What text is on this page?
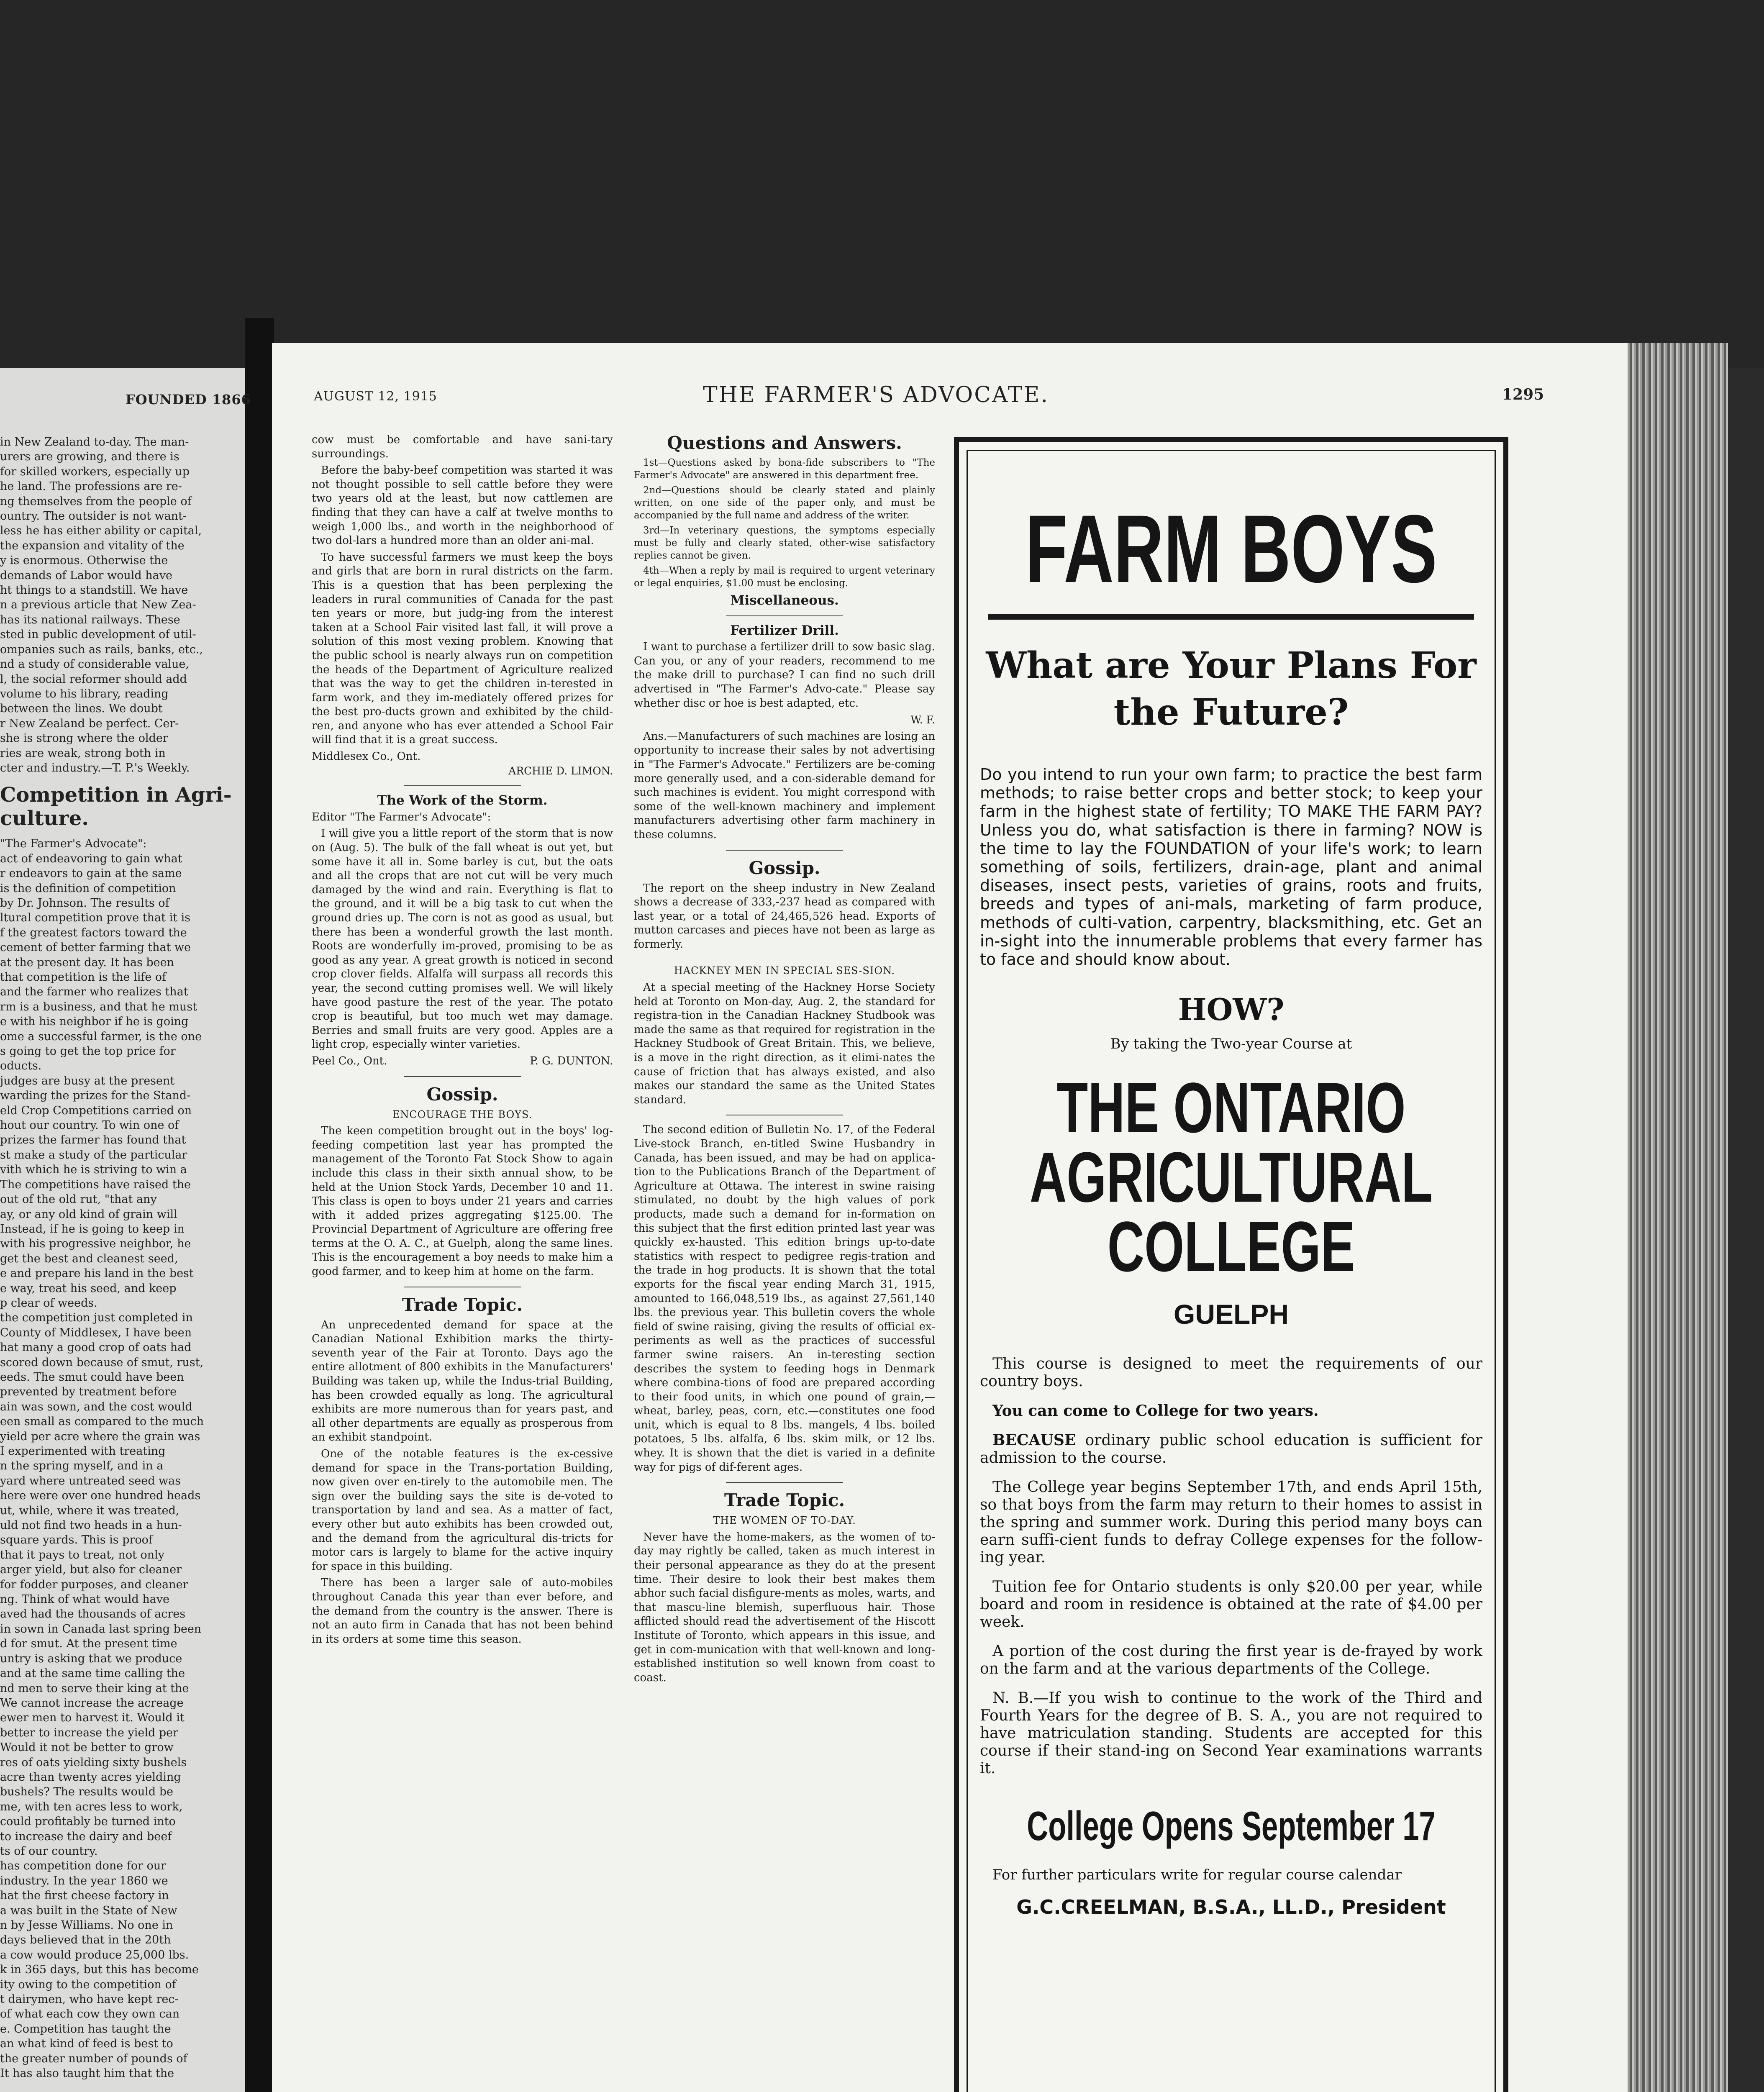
FOUNDED 1866

in New Zealand to-day. The man-

urers are growing, and there is

for skilled workers, especially up

he land. The professions are re-

ng themselves from the people of

ountry. The outsider is not want-

less he has either ability or capital,

the expansion and vitality of the

y is enormous. Otherwise the

demands of Labor would have

ht things to a standstill. We have

n a previous article that New Zea-

has its national railways. These

sted in public development of util-

ompanies such as rails, banks, etc.,

nd a study of considerable value,

l, the social reformer should add

volume to his library, reading

between the lines. We doubt

r New Zealand be perfect. Cer-

she is strong where the older

ries are weak, strong both in

cter and industry.—T. P.'s Weekly.

Competition in Agri-culture.

"The Farmer's Advocate":

act of endeavoring to gain what

r endeavors to gain at the same

is the definition of competition

by Dr. Johnson. The results of

ltural competition prove that it is

f the greatest factors toward the

cement of better farming that we

at the present day. It has been

that competition is the life of

and the farmer who realizes that

rm is a business, and that he must

e with his neighbor if he is going

ome a successful farmer, is the one

s going to get the top price for

oducts.

judges are busy at the present

warding the prizes for the Stand-

eld Crop Competitions carried on

hout our country. To win one of

prizes the farmer has found that

st make a study of the particular

vith which he is striving to win a

The competitions have raised the

out of the old rut, "that any

ay, or any old kind of grain will

Instead, if he is going to keep in

with his progressive neighbor, he

get the best and cleanest seed,

e and prepare his land in the best

e way, treat his seed, and keep

p clear of weeds.

the competition just completed in

County of Middlesex, I have been

hat many a good crop of oats had

scored down because of smut, rust,

eeds. The smut could have been

prevented by treatment before

ain was sown, and the cost would

een small as compared to the much

yield per acre where the grain was

I experimented with treating

n the spring myself, and in a

yard where untreated seed was

here were over one hundred heads

ut, while, where it was treated,

uld not find two heads in a hun-

square yards. This is proof

that it pays to treat, not only

arger yield, but also for cleaner

for fodder purposes, and cleaner

ng. Think of what would have

aved had the thousands of acres

in sown in Canada last spring been

d for smut. At the present time

untry is asking that we produce

and at the same time calling the

nd men to serve their king at the

We cannot increase the acreage

ewer men to harvest it. Would it

better to increase the yield per

Would it not be better to grow

res of oats yielding sixty bushels

acre than twenty acres yielding

bushels? The results would be

me, with ten acres less to work,

could profitably be turned into

to increase the dairy and beef

ts of our country.

has competition done for our

industry. In the year 1860 we

hat the first cheese factory in

a was built in the State of New

n by Jesse Williams. No one in

days believed that in the 20th

a cow would produce 25,000 lbs.

k in 365 days, but this has become

ity owing to the competition of

t dairymen, who have kept rec-

of what each cow they own can

e. Competition has taught the

an what kind of feed is best to

the greater number of pounds of

It has also taught him that the

AUGUST 12, 1915	THE FARMER'S ADVOCATE.	1295

cow must be comfortable and have sani-tary surroundings.

Before the baby-beef competition was started it was not thought possible to sell cattle before they were two years old at the least, but now cattlemen are finding that they can have a calf at twelve months to weigh 1,000 lbs., and worth in the neighborhood of two dol-lars a hundred more than an older ani-mal.

To have successful farmers we must keep the boys and girls that are born in rural districts on the farm. This is a question that has been perplexing the leaders in rural communities of Canada for the past ten years or more, but judg-ing from the interest taken at a School Fair visited last fall, it will prove a solution of this most vexing problem. Knowing that the public school is nearly always run on competition the heads of the Department of Agriculture realized that was the way to get the children in-terested in farm work, and they im-mediately offered prizes for the best pro-ducts grown and exhibited by the child-ren, and anyone who has ever attended a School Fair will find that it is a great success.

Middlesex Co., Ont.

ARCHIE D. LIMON.

The Work of the Storm.

Editor "The Farmer's Advocate":

I will give you a little report of the storm that is now on (Aug. 5). The bulk of the fall wheat is out yet, but some have it all in. Some barley is cut, but the oats and all the crops that are not cut will be very much damaged by the wind and rain. Everything is flat to the ground, and it will be a big task to cut when the ground dries up. The corn is not as good as usual, but there has been a wonderful growth the last month. Roots are wonderfully im-proved, promising to be as good as any year. A great growth is noticed in second crop clover fields. Alfalfa will surpass all records this year, the second cutting promises well. We will likely have good pasture the rest of the year. The potato crop is beautiful, but too much wet may damage. Berries and small fruits are very good. Apples are a light crop, especially winter varieties.

Peel Co., Ont.	P. G. DUNTON.

Gossip.
ENCOURAGE THE BOYS.

The keen competition brought out in the boys' log-feeding competition last year has prompted the management of the Toronto Fat Stock Show to again include this class in their sixth annual show, to be held at the Union Stock Yards, December 10 and 11. This class is open to boys under 21 years and carries with it added prizes aggregating $125.00. The Provincial Department of Agriculture are offering free terms at the O. A. C., at Guelph, along the same lines. This is the encouragement a boy needs to make him a good farmer, and to keep him at home on the farm.

Trade Topic.

An unprecedented demand for space at the Canadian National Exhibition marks the thirty-seventh year of the Fair at Toronto. Days ago the entire allotment of 800 exhibits in the Manufacturers' Building was taken up, while the Indus-trial Building, has been crowded equally as long. The agricultural exhibits are more numerous than for years past, and all other departments are equally as prosperous from an exhibit standpoint.

One of the notable features is the ex-cessive demand for space in the Trans-portation Building, now given over en-tirely to the automobile men. The sign over the building says the site is de-voted to transportation by land and sea. As a matter of fact, every other but auto exhibits has been crowded out, and the demand from the agricultural dis-tricts for motor cars is largely to blame for the active inquiry for space in this building.

There has been a larger sale of auto-mobiles throughout Canada this year than ever before, and the demand from the country is the answer. There is not an auto firm in Canada that has not been behind in its orders at some time this season.

Questions and Answers.

1st—Questions asked by bona-fide subscribers to "The Farmer's Advocate" are answered in this department free.

2nd—Questions should be clearly stated and plainly written, on one side of the paper only, and must be accompanied by the full name and address of the writer.

3rd—In veterinary questions, the symptoms especially must be fully and clearly stated, other-wise satisfactory replies cannot be given.

4th—When a reply by mail is required to urgent veterinary or legal enquiries, $1.00 must be enclosing.

Miscellaneous.
Fertilizer Drill.

I want to purchase a fertilizer drill to sow basic slag. Can you, or any of your readers, recommend to me the make drill to purchase? I can find no such drill advertised in "The Farmer's Advo-cate." Please say whether disc or hoe is best adapted, etc.

W. F.

Ans.—Manufacturers of such machines are losing an opportunity to increase their sales by not advertising in "The Farmer's Advocate." Fertilizers are be-coming more generally used, and a con-siderable demand for such machines is evident. You might correspond with some of the well-known machinery and implement manufacturers advertising other farm machinery in these columns.

Gossip.

The report on the sheep industry in New Zealand shows a decrease of 333,-237 head as compared with last year, or a total of 24,465,526 head. Exports of mutton carcases and pieces have not been as large as formerly.

HACKNEY MEN IN SPECIAL SES-SION.

At a special meeting of the Hackney Horse Society held at Toronto on Mon-day, Aug. 2, the standard for registra-tion in the Canadian Hackney Studbook was made the same as that required for registration in the Hackney Studbook of Great Britain. This, we believe, is a move in the right direction, as it elimi-nates the cause of friction that has always existed, and also makes our standard the same as the United States standard.

The second edition of Bulletin No. 17, of the Federal Live-stock Branch, en-titled Swine Husbandry in Canada, has been issued, and may be had on applica-tion to the Publications Branch of the Department of Agriculture at Ottawa. The interest in swine raising stimulated, no doubt by the high values of pork products, made such a demand for in-formation on this subject that the first edition printed last year was quickly ex-hausted. This edition brings up-to-date statistics with respect to pedigree regis-tration and the trade in hog products. It is shown that the total exports for the fiscal year ending March 31, 1915, amounted to 166,048,519 lbs., as against 27,561,140 lbs. the previous year. This bulletin covers the whole field of swine raising, giving the results of official ex-periments as well as the practices of successful farmer swine raisers. An in-teresting section describes the system to feeding hogs in Denmark where combina-tions of food are prepared according to their food units, in which one pound of grain,—wheat, barley, peas, corn, etc.—constitutes one food unit, which is equal to 8 lbs. mangels, 4 lbs. boiled potatoes, 5 lbs. alfalfa, 6 lbs. skim milk, or 12 lbs. whey. It is shown that the diet is varied in a definite way for pigs of dif-ferent ages.

Trade Topic.
THE WOMEN OF TO-DAY.

Never have the home-makers, as the women of to-day may rightly be called, taken as much interest in their personal appearance as they do at the present time. Their desire to look their best makes them abhor such facial disfigure-ments as moles, warts, and that mascu-line blemish, superfluous hair. Those afflicted should read the advertisement of the Hiscott Institute of Toronto, which appears in this issue, and get in com-munication with that well-known and long-established institution so well known from coast to coast.

FARM BOYS
What are Your Plans For the Future?
Do you intend to run your own farm; to practice the best farm methods; to raise better crops and better stock; to keep your farm in the highest state of fertility; TO MAKE THE FARM PAY? Unless you do, what satisfaction is there in farming? NOW is the time to lay the FOUNDATION of your life's work; to learn something of soils, fertilizers, drain-age, plant and animal diseases, insect pests, varieties of grains, roots and fruits, breeds and types of ani-mals, marketing of farm produce, methods of culti-vation, carpentry, blacksmithing, etc. Get an in-sight into the innumerable problems that every farmer has to face and should know about.
HOW?
By taking the Two-year Course at
THE ONTARIO
AGRICULTURAL
COLLEGE
GUELPH
This course is designed to meet the requirements of our country boys.
You can come to College for two years.
BECAUSE ordinary public school education is sufficient for admission to the course.
The College year begins September 17th, and ends April 15th, so that boys from the farm may return to their homes to assist in the spring and summer work. During this period many boys can earn suffi-cient funds to defray College expenses for the follow-ing year.
Tuition fee for Ontario students is only $20.00 per year, while board and room in residence is obtained at the rate of $4.00 per week.
A portion of the cost during the first year is de-frayed by work on the farm and at the various departments of the College.
N. B.—If you wish to continue to the work of the Third and Fourth Years for the degree of B. S. A., you are not required to have matriculation standing. Students are accepted for this course if their stand-ing on Second Year examinations warrants it.
College Opens September 17
For further particulars write for regular course calendar
G.C.CREELMAN, B.S.A., LL.D., President
